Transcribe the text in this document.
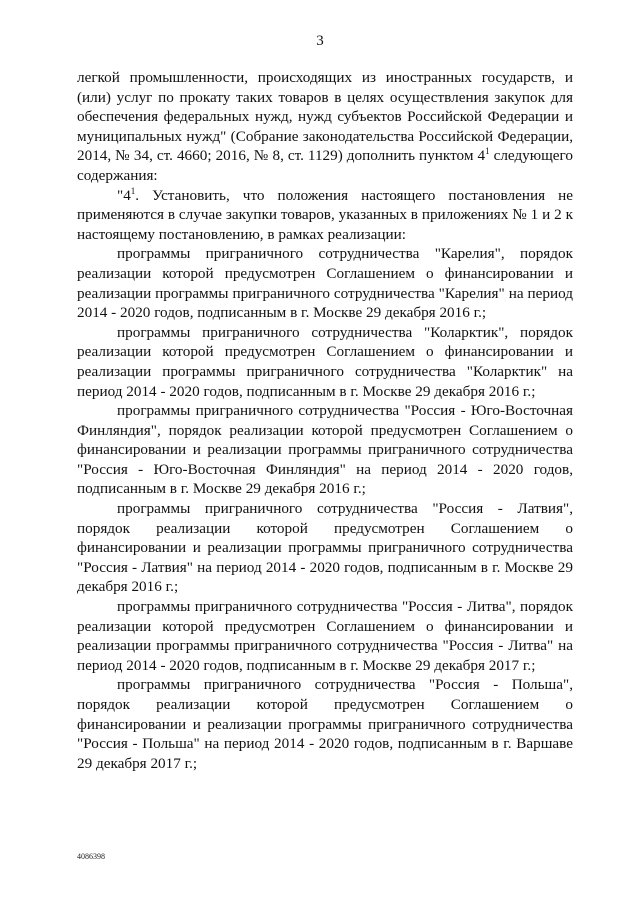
3

легкой промышленности, происходящих из иностранных государств, и (или) услуг по прокату таких товаров в целях осуществления закупок для обеспечения федеральных нужд, нужд субъектов Российской Федерации и муниципальных нужд" (Собрание законодательства Российской Федерации, 2014, № 34, ст. 4660; 2016, № 8, ст. 1129) дополнить пунктом $4^1$ следующего содержания:

"$4^1$. Установить, что положения настоящего постановления не применяются в случае закупки товаров, указанных в приложениях № 1 и 2 к настоящему постановлению, в рамках реализации:

программы приграничного сотрудничества "Карелия", порядок реализации которой предусмотрен Соглашением о финансировании и реализации программы приграничного сотрудничества "Карелия" на период 2014 - 2020 годов, подписанным в г. Москве 29 декабря 2016 г.;

программы приграничного сотрудничества "Коларктик", порядок реализации которой предусмотрен Соглашением о финансировании и реализации программы приграничного сотрудничества "Коларктик" на период 2014 - 2020 годов, подписанным в г. Москве 29 декабря 2016 г.;

программы приграничного сотрудничества "Россия - Юго-Восточная Финляндия", порядок реализации которой предусмотрен Соглашением о финансировании и реализации программы приграничного сотрудничества "Россия - Юго-Восточная Финляндия" на период 2014 - 2020 годов, подписанным в г. Москве 29 декабря 2016 г.;

программы приграничного сотрудничества "Россия - Латвия", порядок реализации которой предусмотрен Соглашением о финансировании и реализации программы приграничного сотрудничества "Россия - Латвия" на период 2014 - 2020 годов, подписанным в г. Москве 29 декабря 2016 г.;

программы приграничного сотрудничества "Россия - Литва", порядок реализации которой предусмотрен Соглашением о финансировании и реализации программы приграничного сотрудничества "Россия - Литва" на период 2014 - 2020 годов, подписанным в г. Москве 29 декабря 2017 г.;

программы приграничного сотрудничества "Россия - Польша", порядок реализации которой предусмотрен Соглашением о финансировании и реализации программы приграничного сотрудничества "Россия - Польша" на период 2014 - 2020 годов, подписанным в г. Варшаве 29 декабря 2017 г.;

4086398
